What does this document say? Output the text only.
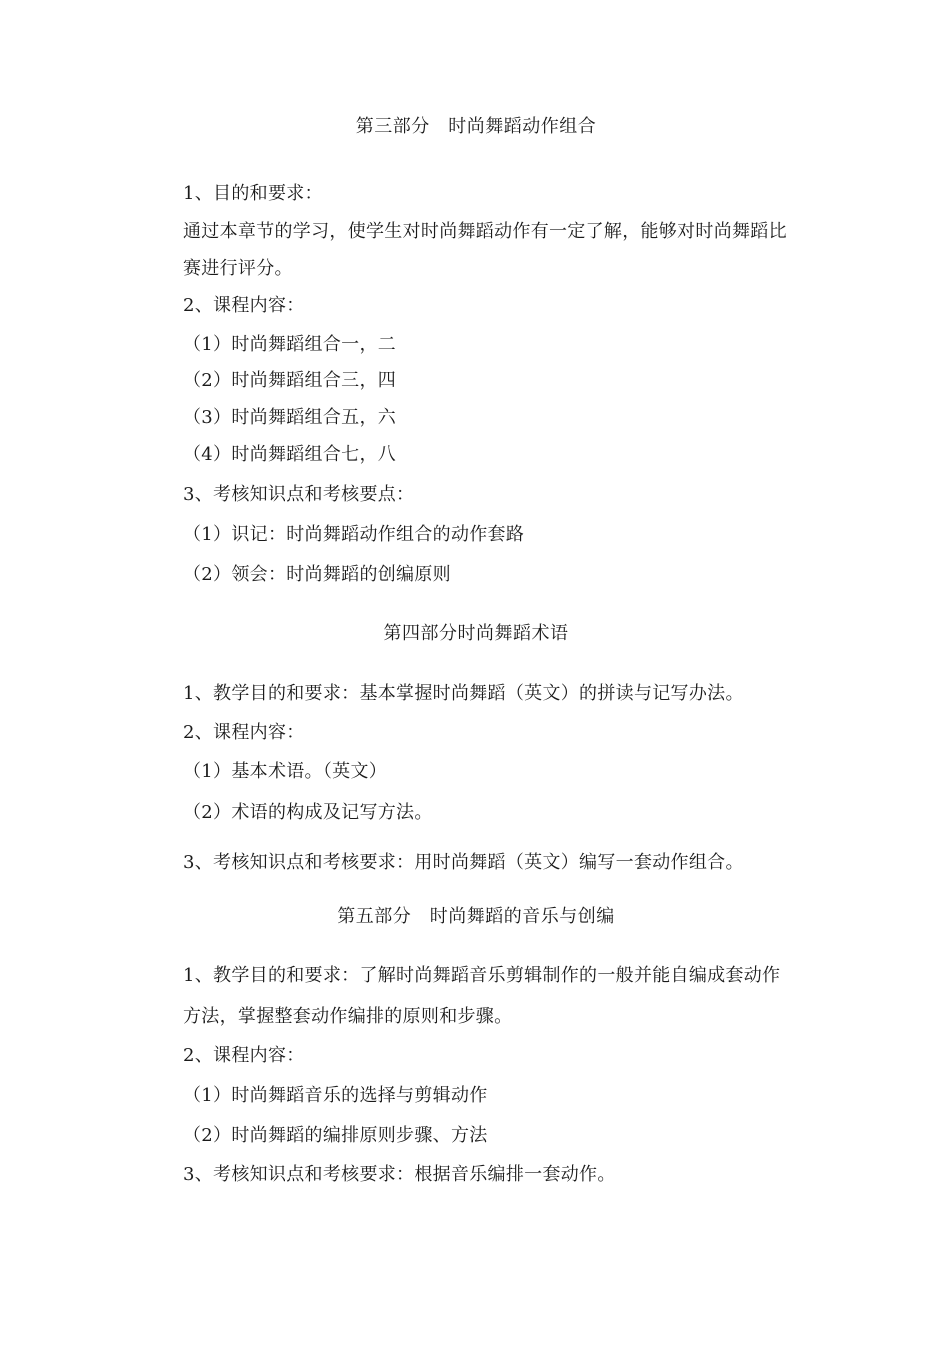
第三部分　时尚舞蹈动作组合
1、目的和要求：
通过本章节的学习，使学生对时尚舞蹈动作有一定了解，能够对时尚舞蹈比
赛进行评分。
2、课程内容：
（1）时尚舞蹈组合一，二
（2）时尚舞蹈组合三，四
（3）时尚舞蹈组合五，六
（4）时尚舞蹈组合七，八
3、考核知识点和考核要点：
（1）识记：时尚舞蹈动作组合的动作套路
（2）领会：时尚舞蹈的创编原则
第四部分时尚舞蹈术语
1、教学目的和要求：基本掌握时尚舞蹈（英文）的拼读与记写办法。
2、课程内容：
（1）基本术语。（英文）
（2）术语的构成及记写方法。
3、考核知识点和考核要求：用时尚舞蹈（英文）编写一套动作组合。
第五部分　时尚舞蹈的音乐与创编
1、教学目的和要求：了解时尚舞蹈音乐剪辑制作的一般并能自编成套动作
方法，掌握整套动作编排的原则和步骤。
2、课程内容：
（1）时尚舞蹈音乐的选择与剪辑动作
（2）时尚舞蹈的编排原则步骤、方法
3、考核知识点和考核要求：根据音乐编排一套动作。
